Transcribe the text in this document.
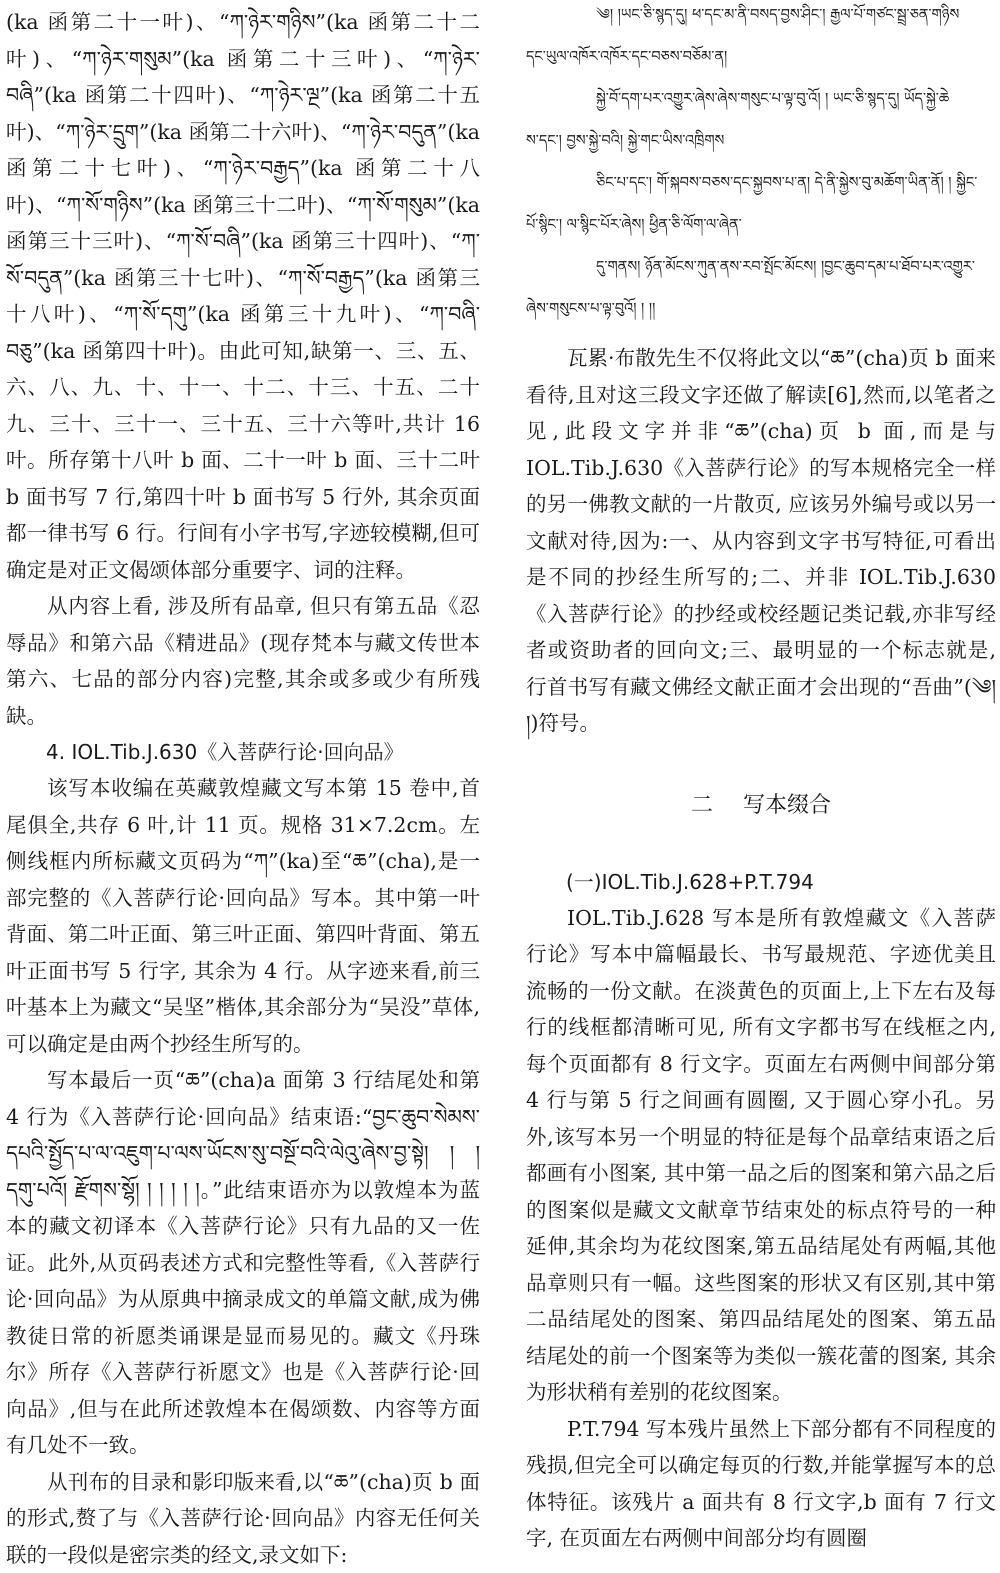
(ka 函第二十一叶)、“ཀ་ཉེར་གཉིས”(ka 函第二十二叶)、“ཀ་ཉེར་གསུམ”(ka 函第二十三叶)、“ཀ་ཉེར་བཞི”(ka 函第二十四叶)、“ཀ་ཉེར་ལྔ”(ka 函第二十五叶)、“ཀ་ཉེར་དྲུག”(ka 函第二十六叶)、“ཀ་ཉེར་བདུན”(ka 函第二十七叶)、“ཀ་ཉེར་བརྒྱད”(ka 函第二十八叶)、“ཀ་སོ་གཉིས”(ka 函第三十二叶)、“ཀ་སོ་གསུམ”(ka 函第三十三叶)、“ཀ་སོ་བཞི”(ka 函第三十四叶)、“ཀ་སོ་བདུན”(ka 函第三十七叶)、“ཀ་སོ་བརྒྱད”(ka 函第三十八叶)、“ཀ་སོ་དགུ”(ka 函第三十九叶)、“ཀ་བཞི་བཅུ”(ka 函第四十叶)。由此可知,缺第一、三、五、六、八、九、十、十一、十二、十三、十五、二十九、三十、三十一、三十五、三十六等叶,共计 16 叶。所存第十八叶 b 面、二十一叶 b 面、三十二叶 b 面书写 7 行,第四十叶 b 面书写 5 行外, 其余页面都一律书写 6 行。行间有小字书写,字迹较模糊,但可确定是对正文偈颂体部分重要字、词的注释。

从内容上看, 涉及所有品章, 但只有第五品《忍辱品》和第六品《精进品》(现存梵本与藏文传世本第六、七品的部分内容)完整,其余或多或少有所残缺。

4. IOL.Tib.J.630《入菩萨行论·回向品》

该写本收编在英藏敦煌藏文写本第 15 卷中,首尾俱全,共存 6 叶,计 11 页。规格 31×7.2cm。左侧线框内所标藏文页码为“ཀ”(ka)至“ཆ”(cha),是一部完整的《入菩萨行论·回向品》写本。其中第一叶背面、第二叶正面、第三叶正面、第四叶背面、第五叶正面书写 5 行字, 其余为 4 行。从字迹来看,前三叶基本上为藏文“吴坚”楷体,其余部分为“吴没”草体,可以确定是由两个抄经生所写的。

写本最后一页“ཆ”(cha)a 面第 3 行结尾处和第 4 行为《入菩萨行论·回向品》结束语:“བྱང་ཆུབ་སེམས་དཔའི་སྤྱོད་པ་ལ་འཇུག་པ་ལས་ཡོངས་སུ་བསྔོ་བའི་ལེའུ་ཞེས་བྱ་སྟེ། ། ། དགུ་པའོ། རྫོགས་སྷོ། ། ། ། ། །。”此结束语亦为以敦煌本为蓝本的藏文初译本《入菩萨行论》只有九品的又一佐证。此外,从页码表述方式和完整性等看,《入菩萨行论·回向品》为从原典中摘录成文的单篇文献,成为佛教徒日常的祈愿类诵课是显而易见的。藏文《丹珠尔》所存《入菩萨行祈愿文》也是《入菩萨行论·回向品》,但与在此所述敦煌本在偈颂数、内容等方面有几处不一致。

从刊布的目录和影印版来看,以“ཆ”(cha)页 b 面的形式,赘了与《入菩萨行论·回向品》内容无任何关联的一段似是密宗类的经文,录文如下:

༄། །ཡང་ཅི་སྙད་དུ། ཕ་དང་མ་ནི་བསད་བྱས་ཤིང་། རྒྱལ་པོ་གཙང་སྦྲ་ཅན་གཉིས
དང་ཡུལ་འཁོར་འཁོར་དང་བཅས་བཅོམ་ན།
སྐྱེ་བོ་དག་པར་འགྱུར་ཞེས་ཞེས་གསུང་པ་ལྟ་བུ་འོ། ། ཡང་ཅི་སྙད་དུ། ཡོད་སྐྱེ་ཆེ
ས་དང་། བྱས་སྐྱེ་བའི། སྐྱེ་གང་ཡིས་འཁྲིགས
ཅིང་པ་དང་། གོ་སྐབས་བཅས་དང་སྐྱབས་པ་ན། དེ་ནི་སྐྱེས་བུ་མཆོག་ཡིན་ནོ། ། སྐྱིང་
པོ་སྙིང་། ལ་སྙིང་པོར་ཞེས། ཕྱིན་ཅི་ལོག་ལ་ཞེན་
དུ་གནས། ཉོན་མོངས་ཀུན་ནས་རབ་སྤོང་མོངས། །བྱང་ཆུབ་དམ་པ་ཐོབ་པར་འགྱུར་
ཞེས་གསུངས་པ་ལྟ་བུའོ། ། །།

瓦累·布散先生不仅将此文以“ཆ”(cha)页 b 面来看待,且对这三段文字还做了解读[6],然而,以笔者之见,此段文字并非“ཆ”(cha)页 b 面,而是与 IOL.Tib.J.630《入菩萨行论》的写本规格完全一样的另一佛教文献的一片散页, 应该另外编号或以另一文献对待,因为:一、从内容到文字书写特征,可看出是不同的抄经生所写的;二、并非 IOL.Tib.J.630《入菩萨行论》的抄经或校经题记类记载,亦非写经者或资助者的回向文;三、最明显的一个标志就是, 行首书写有藏文佛经文献正面才会出现的“吾曲”(༄། །)符号。

二 写本缀合

(一)IOL.Tib.J.628+P.T.794

IOL.Tib.J.628 写本是所有敦煌藏文《入菩萨行论》写本中篇幅最长、书写最规范、字迹优美且流畅的一份文献。在淡黄色的页面上,上下左右及每行的线框都清晰可见, 所有文字都书写在线框之内,每个页面都有 8 行文字。页面左右两侧中间部分第 4 行与第 5 行之间画有圆圈, 又于圆心穿小孔。另外,该写本另一个明显的特征是每个品章结束语之后都画有小图案, 其中第一品之后的图案和第六品之后的图案似是藏文文献章节结束处的标点符号的一种延伸,其余均为花纹图案,第五品结尾处有两幅,其他品章则只有一幅。这些图案的形状又有区别,其中第二品结尾处的图案、第四品结尾处的图案、第五品结尾处的前一个图案等为类似一簇花蕾的图案, 其余为形状稍有差别的花纹图案。

P.T.794 写本残片虽然上下部分都有不同程度的残损,但完全可以确定每页的行数,并能掌握写本的总体特征。该残片 a 面共有 8 行文字,b 面有 7 行文字, 在页面左右两侧中间部分均有圆圈
